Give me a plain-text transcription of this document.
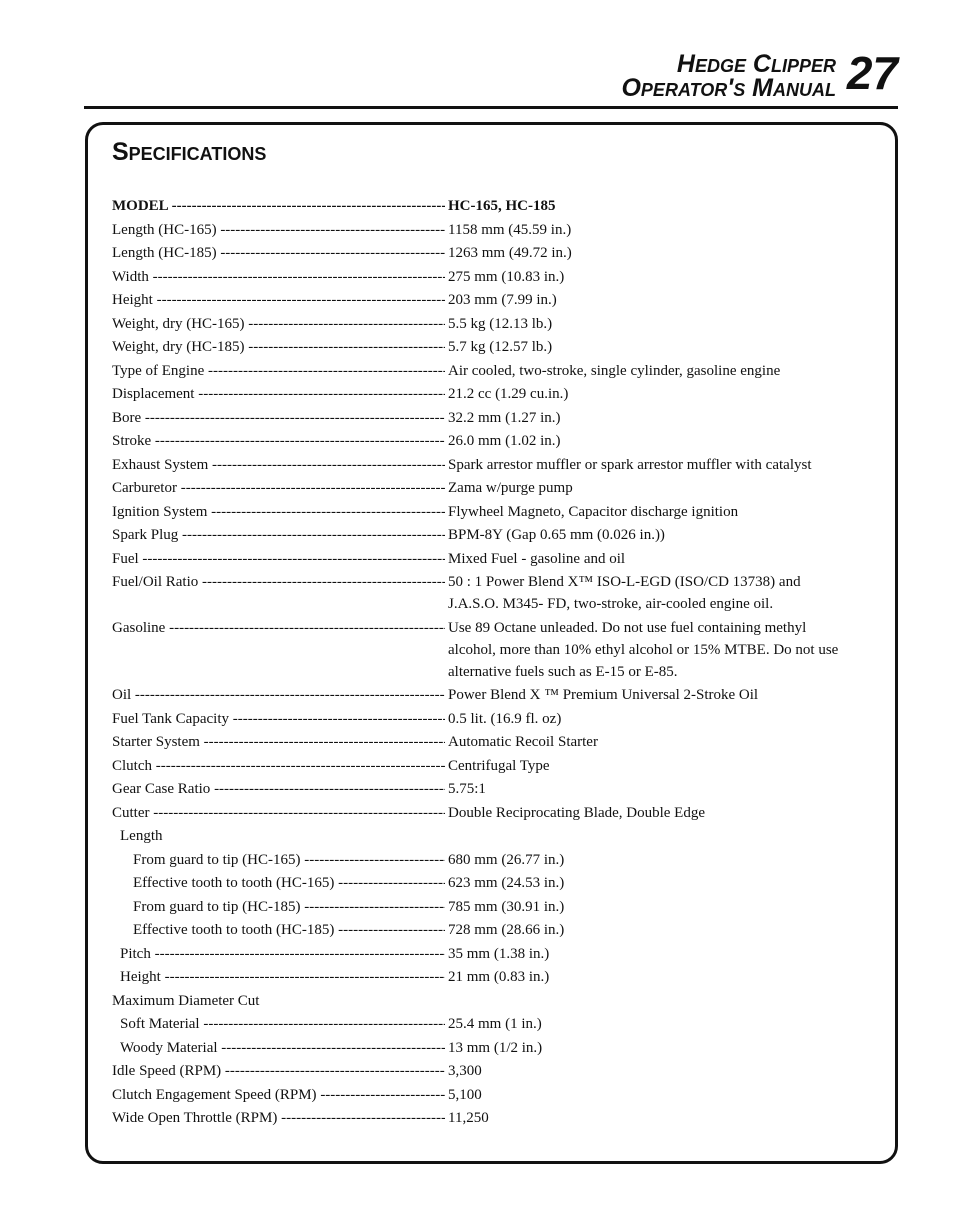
Hedge Clipper
Operator's Manual 27
Specifications
MODEL -----	HC-165, HC-185
Length (HC-165) -----	1158 mm (45.59 in.)
Length (HC-185) -----	1263 mm (49.72 in.)
Width -----	275 mm (10.83 in.)
Height -----	203 mm (7.99 in.)
Weight, dry (HC-165) -----	5.5 kg (12.13 lb.)
Weight, dry (HC-185) -----	5.7 kg (12.57 lb.)
Type of Engine -----	Air cooled, two-stroke, single cylinder, gasoline engine
Displacement -----	21.2 cc (1.29 cu.in.)
Bore -----	32.2 mm (1.27 in.)
Stroke -----	26.0 mm (1.02 in.)
Exhaust System -----	Spark arrestor muffler or spark arrestor muffler with catalyst
Carburetor -----	Zama w/purge pump
Ignition System -----	Flywheel Magneto, Capacitor discharge ignition
Spark Plug -----	BPM-8Y (Gap 0.65 mm (0.026 in.))
Fuel -----	Mixed Fuel - gasoline and oil
Fuel/Oil Ratio -----	50 : 1 Power Blend X™ ISO-L-EGD (ISO/CD 13738) and
J.A.S.O. M345- FD, two-stroke, air-cooled engine oil.
Gasoline -----	Use 89 Octane unleaded. Do not use fuel containing methyl
alcohol, more than 10% ethyl alcohol or 15% MTBE. Do not use
alternative fuels such as E-15 or E-85.
Oil -----	Power Blend X ™ Premium Universal 2-Stroke Oil
Fuel Tank Capacity -----	0.5 lit. (16.9 fl. oz)
Starter System -----	Automatic Recoil Starter
Clutch -----	Centrifugal Type
Gear Case Ratio -----	5.75:1
Cutter -----	Double Reciprocating Blade, Double Edge
Length
From guard to tip (HC-165) -----	680 mm (26.77 in.)
Effective tooth to tooth (HC-165) -----	623 mm (24.53 in.)
From guard to tip (HC-185) -----	785 mm (30.91 in.)
Effective tooth to tooth (HC-185) -----	728 mm (28.66 in.)
Pitch -----	35 mm (1.38 in.)
Height -----	21 mm (0.83 in.)
Maximum Diameter Cut
Soft Material -----	25.4 mm (1 in.)
Woody Material -----	13 mm (1/2 in.)
Idle Speed (RPM) -----	3,300
Clutch Engagement Speed (RPM) -----	5,100
Wide Open Throttle (RPM) -----	11,250
